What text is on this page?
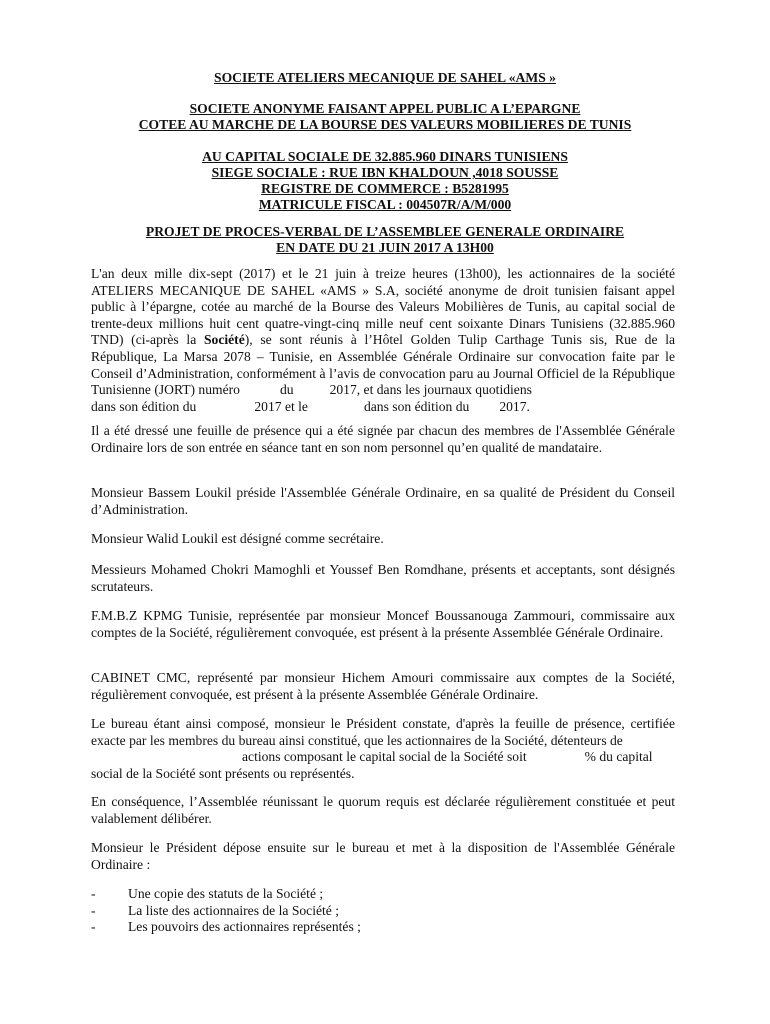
SOCIETE ATELIERS MECANIQUE DE SAHEL «AMS »
SOCIETE ANONYME FAISANT APPEL PUBLIC A L’EPARGNE
COTEE AU MARCHE DE LA BOURSE DES VALEURS MOBILIERES DE TUNIS
AU CAPITAL SOCIALE DE 32.885.960 DINARS TUNISIENS
SIEGE SOCIALE : RUE IBN KHALDOUN ,4018 SOUSSE
REGISTRE DE COMMERCE : B5281995
MATRICULE FISCAL : 004507R/A/M/000
PROJET DE PROCES-VERBAL DE L’ASSEMBLEE GENERALE ORDINAIRE
EN DATE DU 21 JUIN 2017 A 13H00
L'an deux mille dix-sept (2017) et le 21 juin à treize heures (13h00), les actionnaires de la société ATELIERS MECANIQUE DE SAHEL «AMS » S.A, société anonyme de droit tunisien faisant appel public à l’épargne, cotée au marché de la Bourse des Valeurs Mobilières de Tunis, au capital social de trente-deux millions huit cent quatre-vingt-cinq mille neuf cent soixante Dinars Tunisiens (32.885.960 TND) (ci-après la Société), se sont réunis à l’Hôtel Golden Tulip Carthage Tunis sis, Rue de la République, La Marsa 2078 – Tunisie, en Assemblée Générale Ordinaire sur convocation faite par le Conseil d’Administration, conformément à l’avis de convocation paru au Journal Officiel de la République Tunisienne (JORT) numéro	du	2017, et dans les journaux quotidiens
dans son édition du	2017 et le	dans son édition du 2017.

Il a été dressé une feuille de présence qui a été signée par chacun des membres de l'Assemblée Générale Ordinaire lors de son entrée en séance tant en son nom personnel qu’en qualité de mandataire.

Monsieur Bassem Loukil préside l'Assemblée Générale Ordinaire, en sa qualité de Président du Conseil d’Administration.

Monsieur Walid Loukil est désigné comme secrétaire.

Messieurs Mohamed Chokri Mamoghli et Youssef Ben Romdhane, présents et acceptants, sont désignés scrutateurs.

F.M.B.Z KPMG Tunisie, représentée par monsieur Moncef Boussanouga Zammouri, commissaire aux comptes de la Société, régulièrement convoquée, est présent à la présente Assemblée Générale Ordinaire.

CABINET CMC, représenté par monsieur Hichem Amouri commissaire aux comptes de la Société, régulièrement convoquée, est présent à la présente Assemblée Générale Ordinaire.

Le bureau étant ainsi composé, monsieur le Président constate, d'après la feuille de présence, certifiée exacte par les membres du bureau ainsi constitué, que les actionnaires de la Société, détenteurs de
actions composant le capital social de la Société soit	% du capital
social de la Société sont présents ou représentés.

En conséquence, l’Assemblée réunissant le quorum requis est déclarée régulièrement constituée et peut valablement délibérer.

Monsieur le Président dépose ensuite sur le bureau et met à la disposition de l'Assemblée Générale Ordinaire :

- Une copie des statuts de la Société ;
- La liste des actionnaires de la Société ;
- Les pouvoirs des actionnaires représentés ;
